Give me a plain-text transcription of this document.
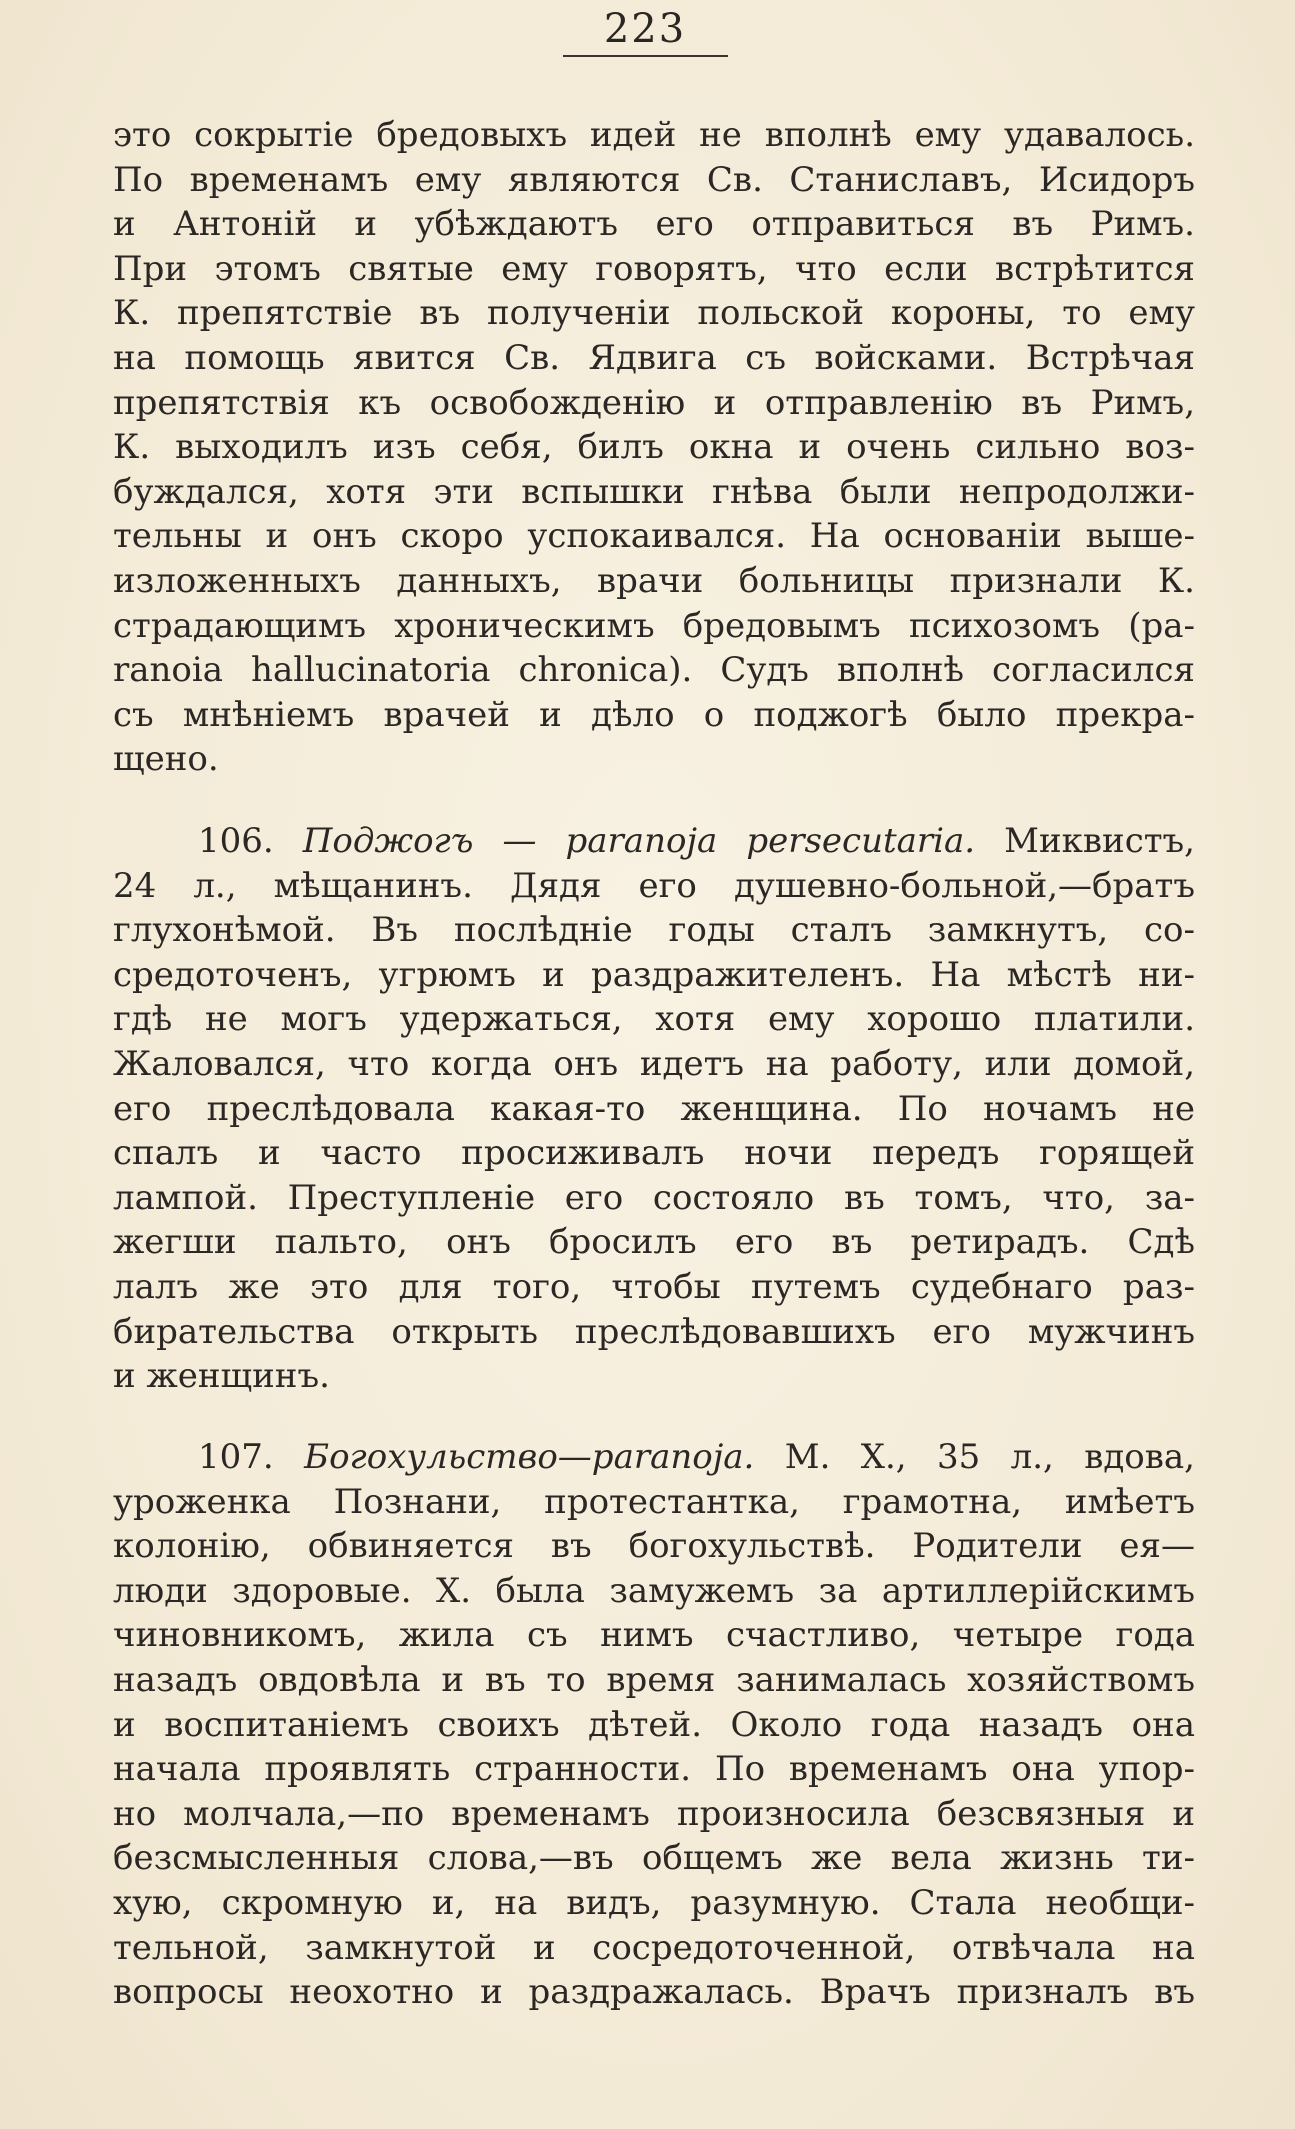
223
это сокрытіе бредовыхъ идей не вполнѣ ему удавалось.
По временамъ ему являются Св. Станиславъ, Исидоръ
и Антоній и убѣждаютъ его отправиться въ Римъ.
При этомъ святые ему говорятъ, что если встрѣтится
К. препятствіе въ полученіи польской короны, то ему
на помощь явится Св. Ядвига съ войсками. Встрѣчая
препятствія къ освобожденію и отправленію въ Римъ,
К. выходилъ изъ себя, билъ окна и очень сильно воз-
буждался, хотя эти вспышки гнѣва были непродолжи-
тельны и онъ скоро успокаивался. На основаніи выше-
изложенныхъ данныхъ, врачи больницы признали К.
страдающимъ хроническимъ бредовымъ психозомъ (pa-
ranoia hallucinatoria chronica). Судъ вполнѣ согласился
съ мнѣніемъ врачей и дѣло о поджогѣ было прекра-
щено.
106. Поджогъ — paranoja persecutaria. Миквистъ,
24 л., мѣщанинъ. Дядя его душевно-больной,—братъ
глухонѣмой. Въ послѣдніе годы сталъ замкнутъ, со-
средоточенъ, угрюмъ и раздражителенъ. На мѣстѣ ни-
гдѣ не могъ удержаться, хотя ему хорошо платили.
Жаловался, что когда онъ идетъ на работу, или домой,
его преслѣдовала какая-то женщина. По ночамъ не
спалъ и часто просиживалъ ночи передъ горящей
лампой. Преступленіе его состояло въ томъ, что, за-
жегши пальто, онъ бросилъ его въ ретирадъ. Сдѣ
лалъ же это для того, чтобы путемъ судебнаго раз-
бирательства открыть преслѣдовавшихъ его мужчинъ
и женщинъ.
107. Богохульство—paranoja. М. Х., 35 л., вдова,
уроженка Познани, протестантка, грамотна, имѣетъ
колонію, обвиняется въ богохульствѣ. Родители ея—
люди здоровые. Х. была замужемъ за артиллерійскимъ
чиновникомъ, жила съ нимъ счастливо, четыре года
назадъ овдовѣла и въ то время занималась хозяйствомъ
и воспитаніемъ своихъ дѣтей. Около года назадъ она
начала проявлять странности. По временамъ она упор-
но молчала,—по временамъ произносила безсвязныя и
безсмысленныя слова,—въ общемъ же вела жизнь ти-
хую, скромную и, на видъ, разумную. Стала необщи-
тельной, замкнутой и сосредоточенной, отвѣчала на
вопросы неохотно и раздражалась. Врачъ призналъ въ
